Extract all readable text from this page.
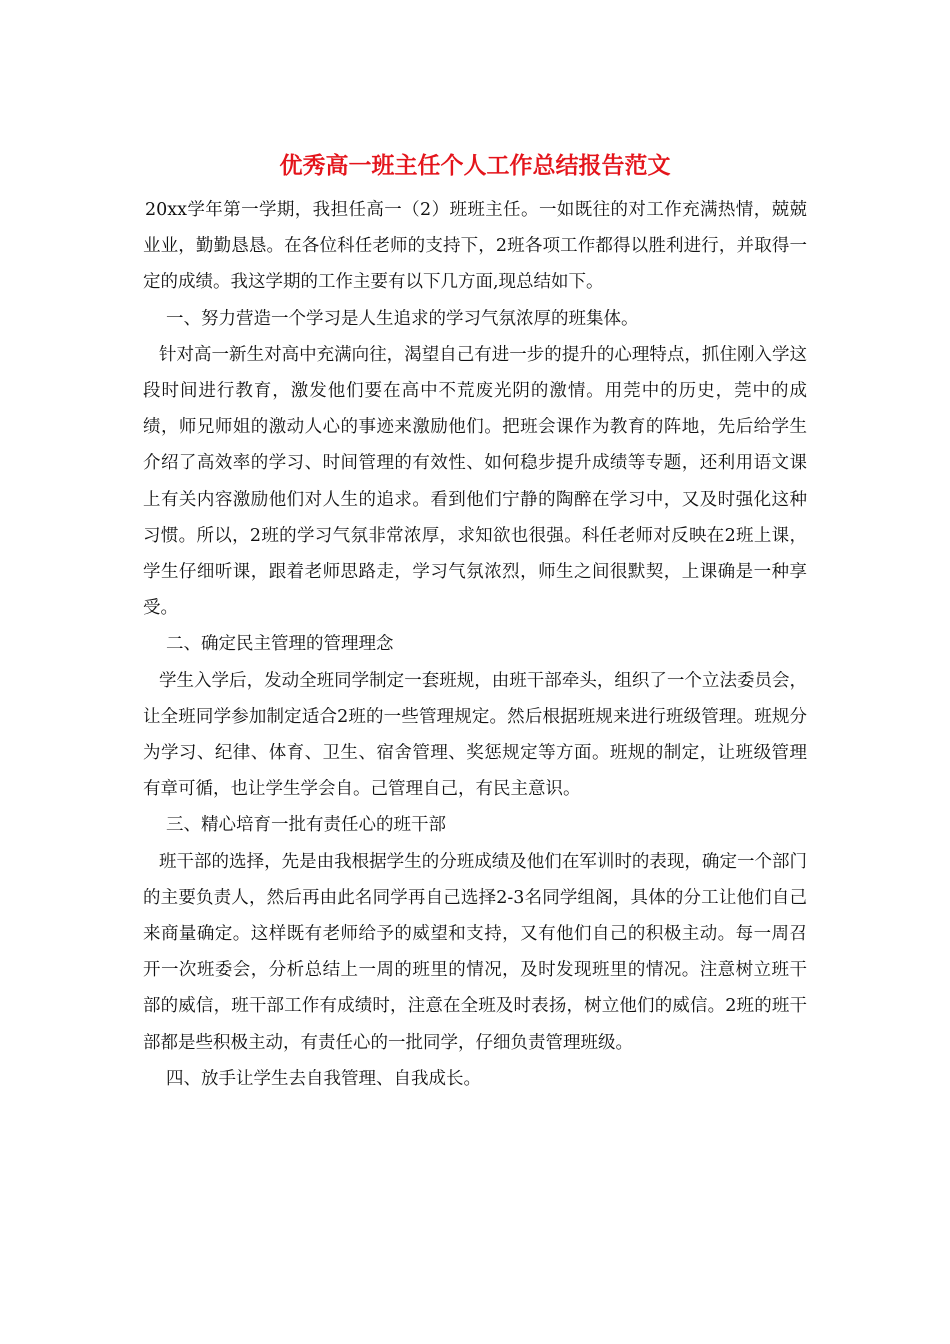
优秀高一班主任个人工作总结报告范文

20xx学年第一学期，我担任高一（2）班班主任。一如既往的对工作充满热情，兢兢业业，勤勤恳恳。在各位科任老师的支持下，2班各项工作都得以胜利进行，并取得一定的成绩。我这学期的工作主要有以下几方面,现总结如下。

一、努力营造一个学习是人生追求的学习气氛浓厚的班集体。

针对高一新生对高中充满向往，渴望自己有进一步的提升的心理特点，抓住刚入学这段时间进行教育，激发他们要在高中不荒废光阴的激情。用莞中的历史，莞中的成绩，师兄师姐的激动人心的事迹来激励他们。把班会课作为教育的阵地，先后给学生介绍了高效率的学习、时间管理的有效性、如何稳步提升成绩等专题，还利用语文课上有关内容激励他们对人生的追求。看到他们宁静的陶醉在学习中，又及时强化这种习惯。所以，2班的学习气氛非常浓厚，求知欲也很强。科任老师对反映在2班上课，学生仔细听课，跟着老师思路走，学习气氛浓烈，师生之间很默契，上课确是一种享受。

二、确定民主管理的管理理念

学生入学后，发动全班同学制定一套班规，由班干部牵头，组织了一个立法委员会，让全班同学参加制定适合2班的一些管理规定。然后根据班规来进行班级管理。班规分为学习、纪律、体育、卫生、宿舍管理、奖惩规定等方面。班规的制定，让班级管理有章可循，也让学生学会自。己管理自己，有民主意识。

三、精心培育一批有责任心的班干部

班干部的选择，先是由我根据学生的分班成绩及他们在军训时的表现，确定一个部门的主要负责人，然后再由此名同学再自己选择2-3名同学组阁，具体的分工让他们自己来商量确定。这样既有老师给予的威望和支持，又有他们自己的积极主动。每一周召开一次班委会，分析总结上一周的班里的情况，及时发现班里的情况。注意树立班干部的威信，班干部工作有成绩时，注意在全班及时表扬，树立他们的威信。2班的班干部都是些积极主动，有责任心的一批同学，仔细负责管理班级。

四、放手让学生去自我管理、自我成长。
